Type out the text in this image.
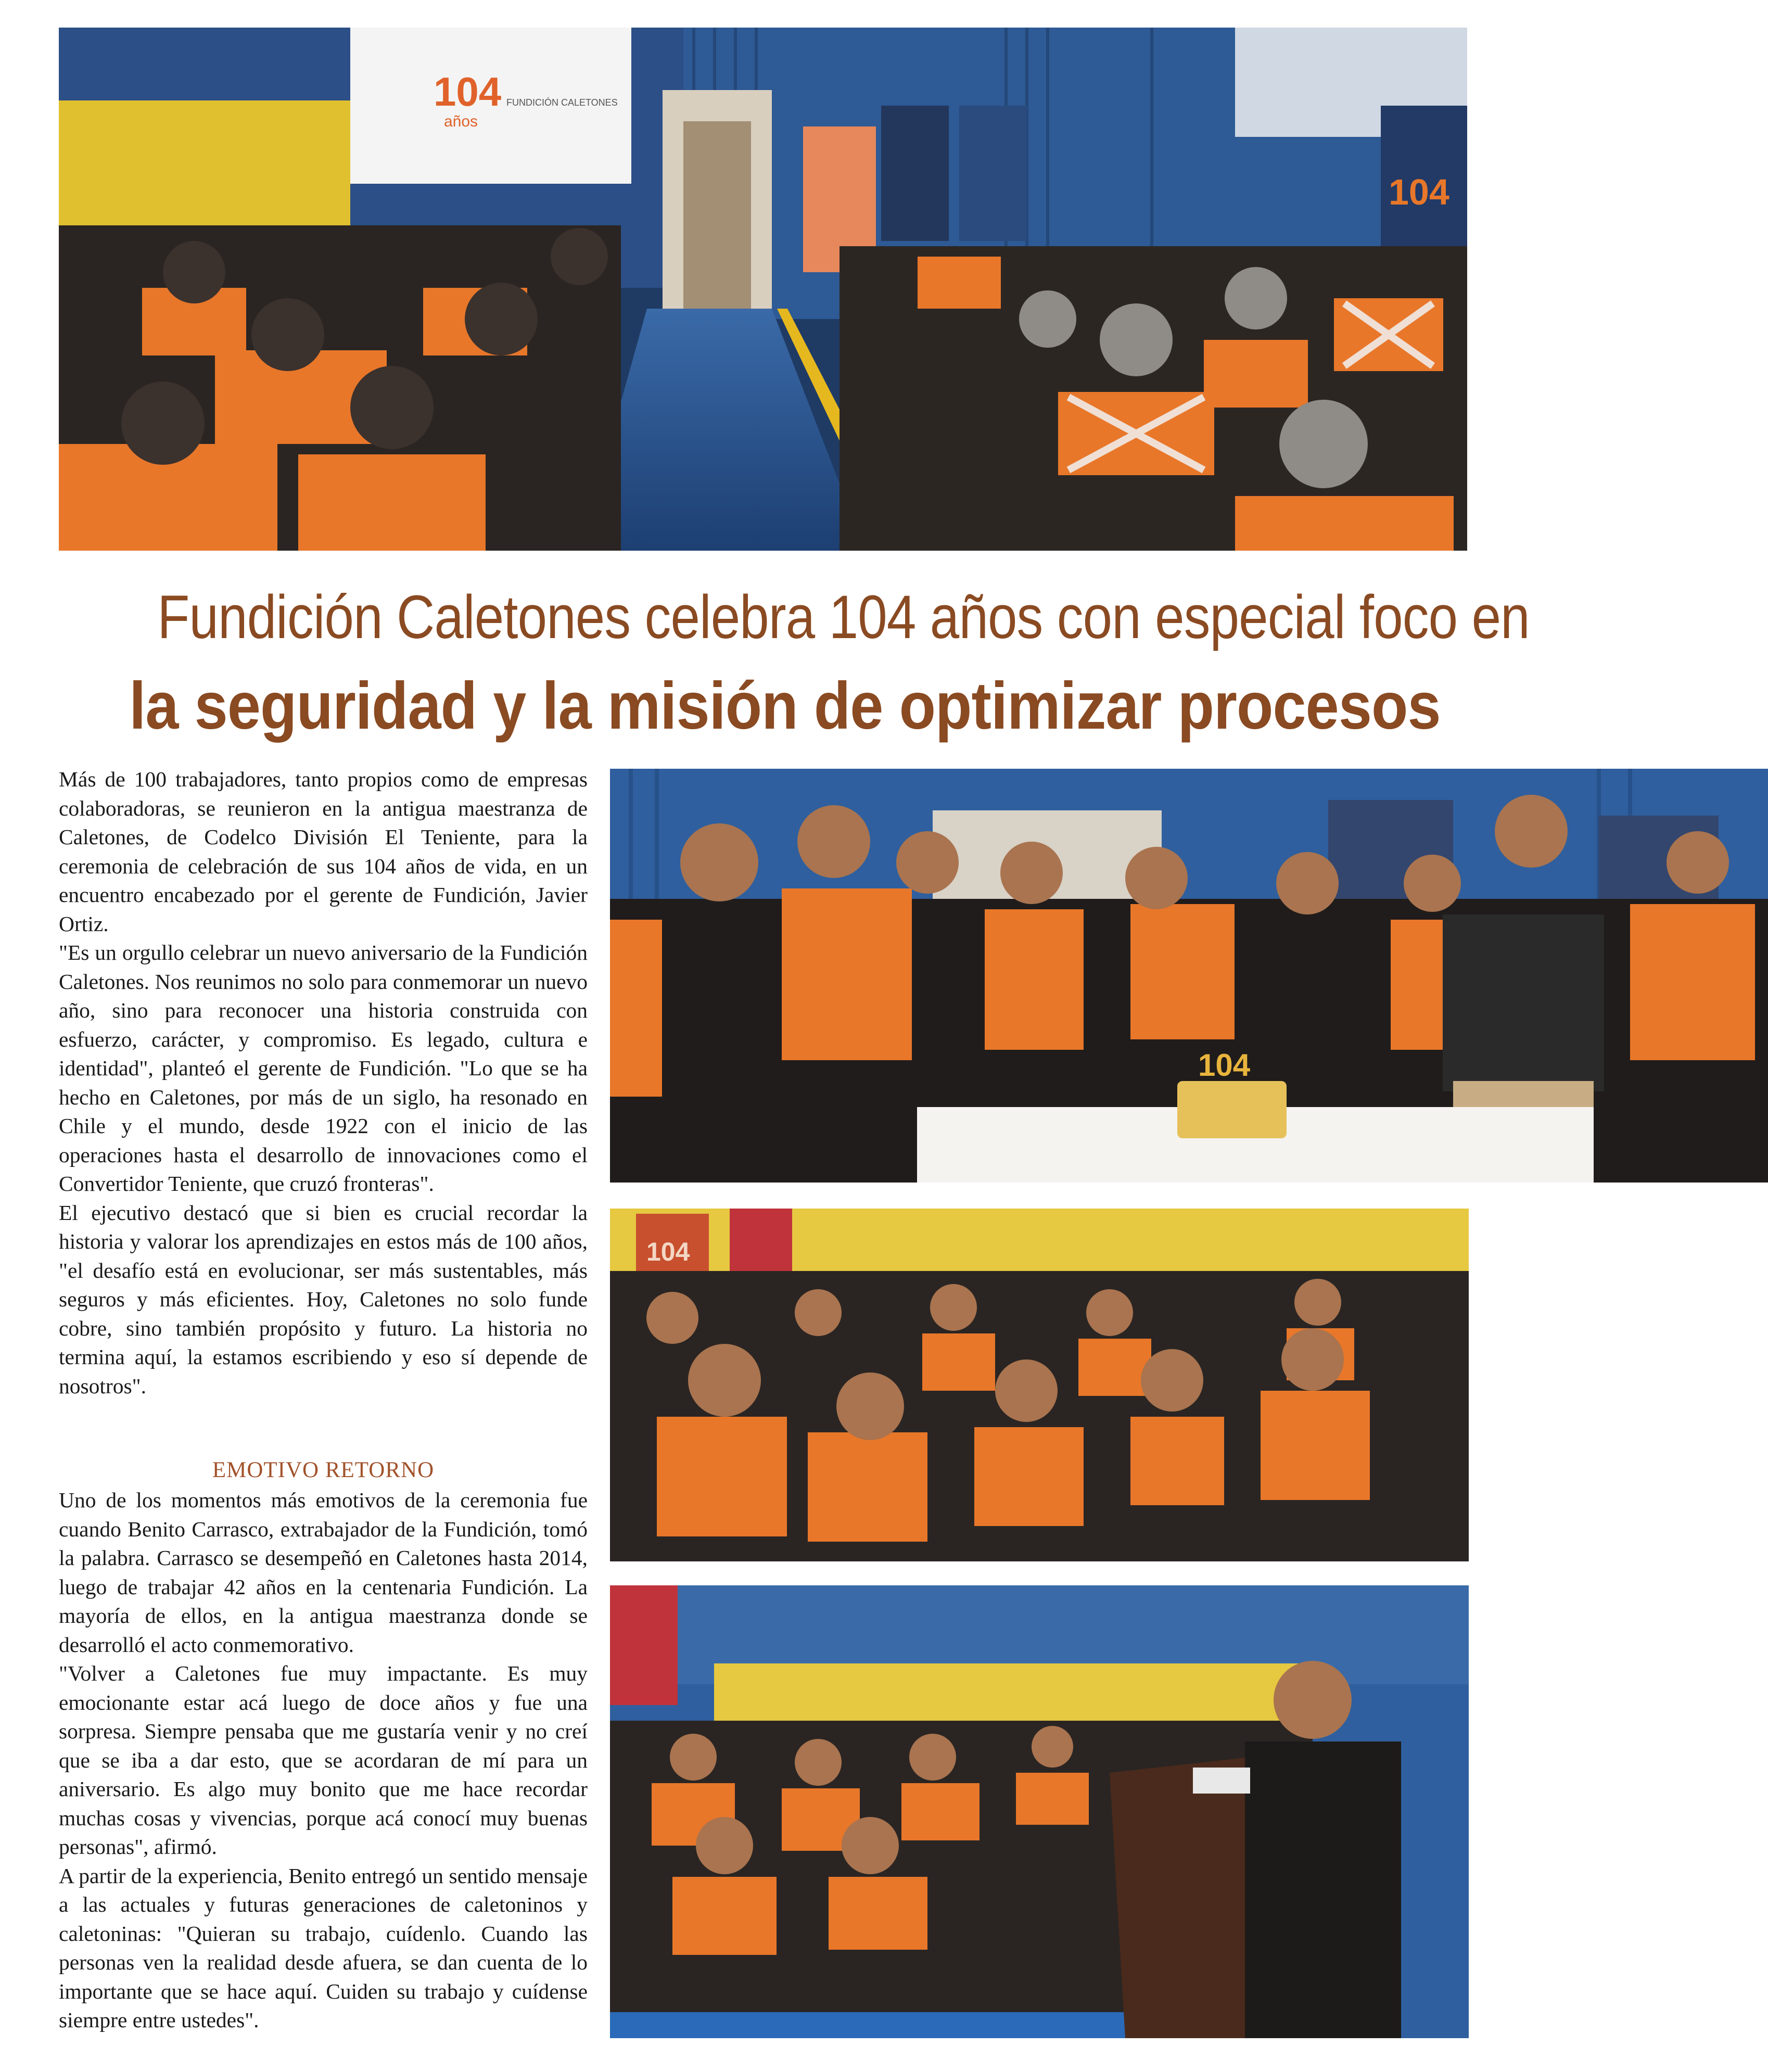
104
años
FUNDICIÓN CALETONES
104
Fundición Caletones celebra 104 años con especial foco en
la seguridad y la misión de optimizar procesos

Más de 100 trabajadores, tanto propios como de empresas colaboradoras, se reunieron en la antigua maestranza de Caletones, de Codelco División El Teniente, para la ceremonia de celebración de sus 104 años de vida, en un encuentro encabezado por el gerente de Fundición, Javier Ortiz.

"Es un orgullo celebrar un nuevo aniversario de la Fundición Caletones. Nos reunimos no solo para conmemorar un nuevo año, sino para reconocer una historia construida con esfuerzo, carácter, y compromiso. Es legado, cultura e identidad", planteó el gerente de Fundición. "Lo que se ha hecho en Caletones, por más de un siglo, ha resonado en Chile y el mundo, desde 1922 con el inicio de las operaciones hasta el desarrollo de innovaciones como el Convertidor Teniente, que cruzó fronteras".

El ejecutivo destacó que si bien es crucial recordar la historia y valorar los aprendizajes en estos más de 100 años, "el desafío está en evolucionar, ser más sustentables, más seguros y más eficientes. Hoy, Caletones no solo funde cobre, sino también propósito y futuro. La historia no termina aquí, la estamos escribiendo y eso sí depende de nosotros".

EMOTIVO RETORNO

Uno de los momentos más emotivos de la ceremonia fue cuando Benito Carrasco, extrabajador de la Fundición, tomó la palabra. Carrasco se desempeñó en Caletones hasta 2014, luego de trabajar 42 años en la centenaria Fundición. La mayoría de ellos, en la antigua maestranza donde se desarrolló el acto conmemorativo.

"Volver a Caletones fue muy impactante. Es muy emocionante estar acá luego de doce años y fue una sorpresa. Siempre pensaba que me gustaría venir y no creí que se iba a dar esto, que se acordaran de mí para un aniversario. Es algo muy bonito que me hace recordar muchas cosas y vivencias, porque acá conocí muy buenas personas", afirmó.

A partir de la experiencia, Benito entregó un sentido mensaje a las actuales y futuras generaciones de caletoninos y caletoninas: "Quieran su trabajo, cuídenlo. Cuando las personas ven la realidad desde afuera, se dan cuenta de lo importante que se hace aquí. Cuiden su trabajo y cuídense siempre entre ustedes".

104
104
